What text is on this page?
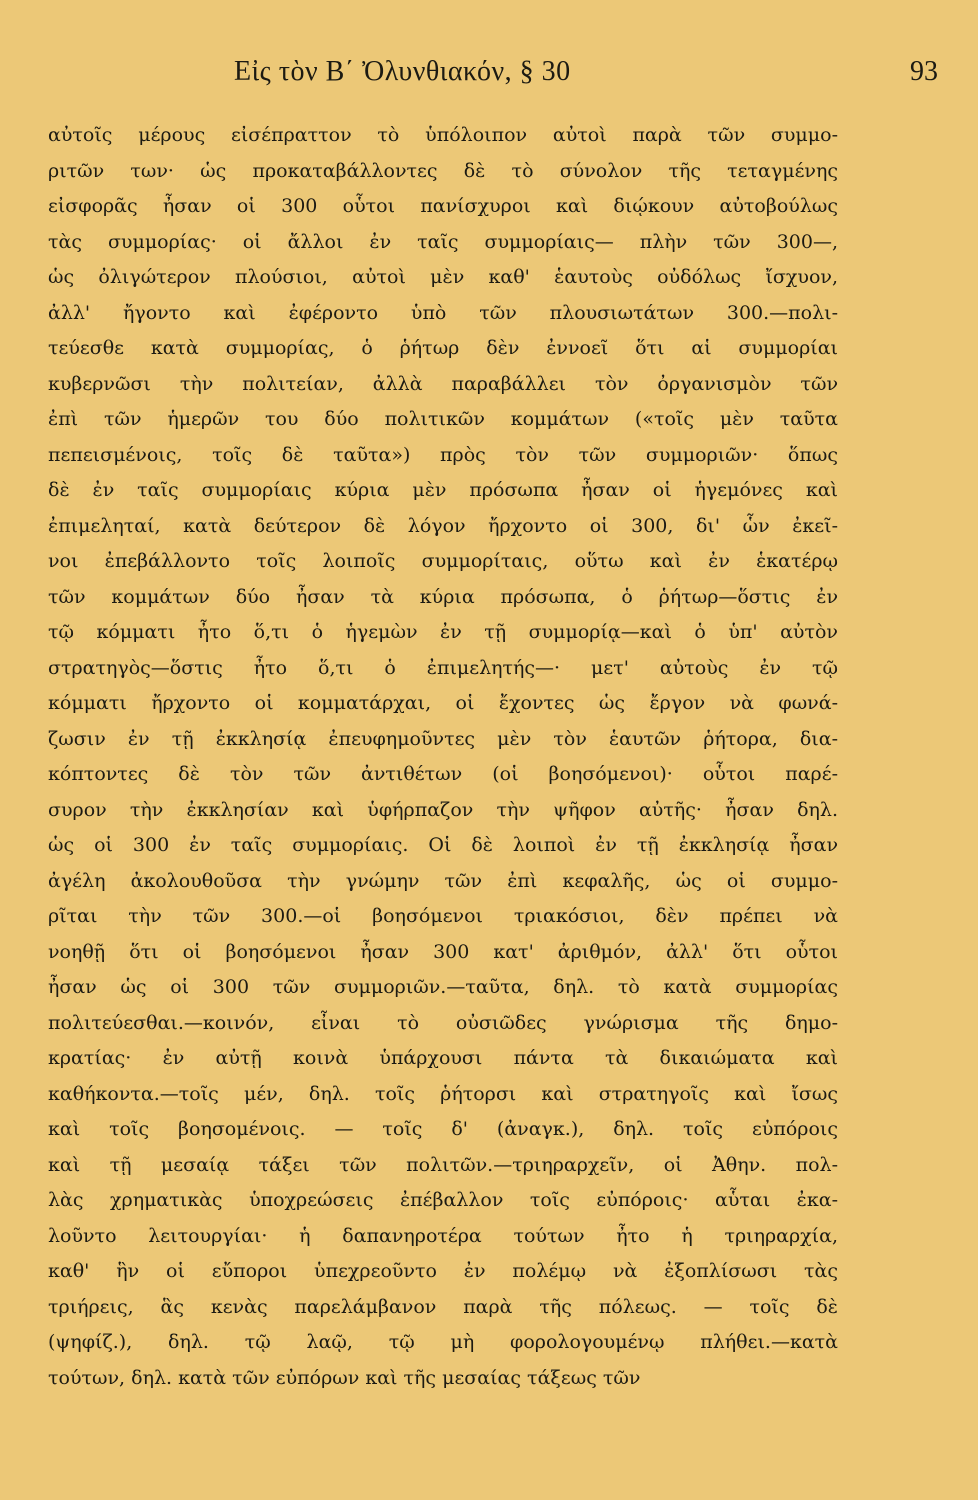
Εἰς τὸν Β΄ Ὀλυνθιακόν, § 30	93
αὐτοῖς μέρους εἰσέπραττον τὸ ὑπόλοιπον αὐτοὶ παρὰ τῶν συμμο-
ριτῶν των· ὡς προκαταβάλλοντες δὲ τὸ σύνολον τῆς τεταγμένης
εἰσφορᾶς ἦσαν οἱ 300 οὗτοι πανίσχυροι καὶ διῴκουν αὐτοβούλως
τὰς συμμορίας· οἱ ἄλλοι ἐν ταῖς συμμορίαις— πλὴν τῶν 300—,
ὡς ὀλιγώτερον πλούσιοι, αὐτοὶ μὲν καθ' ἑαυτοὺς οὐδόλως ἴσχυον,
ἀλλ' ἤγοντο καὶ ἐφέροντο ὑπὸ τῶν πλουσιωτάτων 300.—πολι-
τεύεσθε κατὰ συμμορίας, ὁ ῥήτωρ δὲν ἐννοεῖ ὅτι αἱ συμμορίαι
κυβερνῶσι τὴν πολιτείαν, ἀλλὰ παραβάλλει τὸν ὀργανισμὸν τῶν
ἐπὶ τῶν ἡμερῶν του δύο πολιτικῶν κομμάτων («τοῖς μὲν ταῦτα
πεπεισμένοις, τοῖς δὲ ταῦτα») πρὸς τὸν τῶν συμμοριῶν· ὅπως
δὲ ἐν ταῖς συμμορίαις κύρια μὲν πρόσωπα ἦσαν οἱ ἡγεμόνες καὶ
ἐπιμεληταί, κατὰ δεύτερον δὲ λόγον ἤρχοντο οἱ 300, δι' ὧν ἐκεῖ-
νοι ἐπεβάλλοντο τοῖς λοιποῖς συμμορίταις, οὕτω καὶ ἐν ἑκατέρῳ
τῶν κομμάτων δύο ἦσαν τὰ κύρια πρόσωπα, ὁ ῥήτωρ—ὅστις ἐν
τῷ κόμματι ἦτο ὅ,τι ὁ ἡγεμὼν ἐν τῇ συμμορίᾳ—καὶ ὁ ὑπ' αὐτὸν
στρατηγὸς—ὅστις ἦτο ὅ,τι ὁ ἐπιμελητής—· μετ' αὐτοὺς ἐν τῷ
κόμματι ἤρχοντο οἱ κομματάρχαι, οἱ ἔχοντες ὡς ἔργον νὰ φωνά-
ζωσιν ἐν τῇ ἐκκλησίᾳ ἐπευφημοῦντες μὲν τὸν ἑαυτῶν ῥήτορα, δια-
κόπτοντες δὲ τὸν τῶν ἀντιθέτων (οἱ βοησόμενοι)· οὗτοι παρέ-
συρον τὴν ἐκκλησίαν καὶ ὑφήρπαζον τὴν ψῆφον αὐτῆς· ἦσαν δηλ.
ὡς οἱ 300 ἐν ταῖς συμμορίαις. Οἱ δὲ λοιποὶ ἐν τῇ ἐκκλησίᾳ ἦσαν
ἀγέλη ἀκολουθοῦσα τὴν γνώμην τῶν ἐπὶ κεφαλῆς, ὡς οἱ συμμο-
ρῖται τὴν τῶν 300.—οἱ βοησόμενοι τριακόσιοι, δὲν πρέπει νὰ
νοηθῇ ὅτι οἱ βοησόμενοι ἦσαν 300 κατ' ἀριθμόν, ἀλλ' ὅτι οὗτοι
ἦσαν ὡς οἱ 300 τῶν συμμοριῶν.—ταῦτα, δηλ. τὸ κατὰ συμμορίας
πολιτεύεσθαι.—κοινόν, εἶναι τὸ οὐσιῶδες γνώρισμα τῆς δημο-
κρατίας· ἐν αὐτῇ κοινὰ ὑπάρχουσι πάντα τὰ δικαιώματα καὶ
καθήκοντα.—τοῖς μέν, δηλ. τοῖς ῥήτορσι καὶ στρατηγοῖς καὶ ἴσως
καὶ τοῖς βοησομένοις. — τοῖς δ' (ἀναγκ.), δηλ. τοῖς εὐπόροις
καὶ τῇ μεσαίᾳ τάξει τῶν πολιτῶν.—τριηραρχεῖν, οἱ Ἀθην. πολ-
λὰς χρηματικὰς ὑποχρεώσεις ἐπέβαλλον τοῖς εὐπόροις· αὗται ἐκα-
λοῦντο λειτουργίαι· ἡ δαπανηροτέρα τούτων ἦτο ἡ τριηραρχία,
καθ' ἣν οἱ εὔποροι ὑπεχρεοῦντο ἐν πολέμῳ νὰ ἐξοπλίσωσι τὰς
τριήρεις, ἃς κενὰς παρελάμβανον παρὰ τῆς πόλεως. — τοῖς δὲ
(ψηφίζ.), δηλ. τῷ λαῷ, τῷ μὴ φορολογουμένῳ πλήθει.—κατὰ
τούτων, δηλ. κατὰ τῶν εὐπόρων καὶ τῆς μεσαίας τάξεως τῶν
